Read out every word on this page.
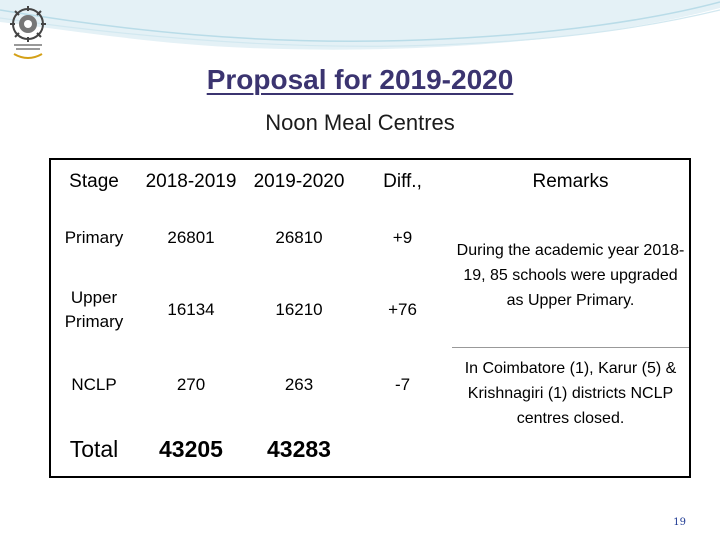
Proposal for 2019-2020
Noon Meal Centres
Stage	2018-2019	2019-2020	Diff.,	Remarks
Primary	26801	26810	+9	During the academic year 2018-19, 85 schools were upgraded as Upper Primary.
Upper Primary	16134	16210	+76	
NCLP	270	263	-7	In Coimbatore (1), Karur (5) & Krishnagiri (1) districts NCLP centres closed.
Total	43205	43283		
19
